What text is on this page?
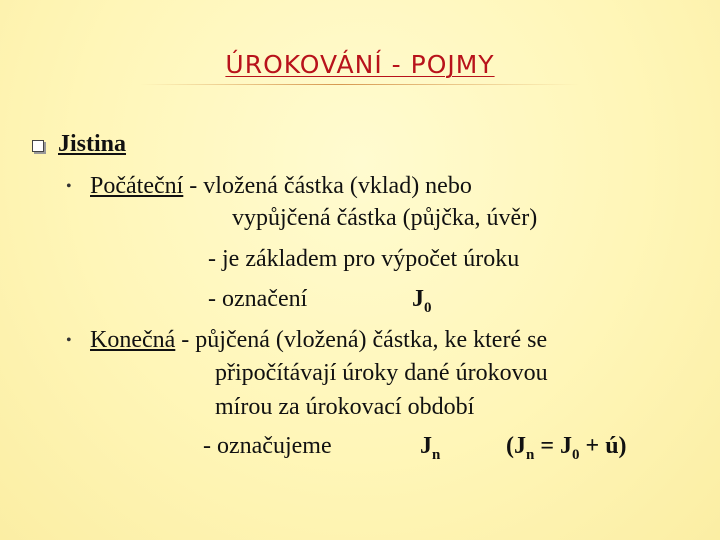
ÚROKOVÁNÍ - POJMY
Jistina
• Počáteční - vložená částka (vklad) nebo
vypůjčená částka (půjčka, úvěr)
- je základem pro výpočet úroku
- označení	$J_0$
• Konečná - půjčená (vložená) částka, ke které se
připočítávají úroky dané úrokovou
mírou za úrokovací období
- označujeme	$J_n$	($J_n = J_0$ + ú)
